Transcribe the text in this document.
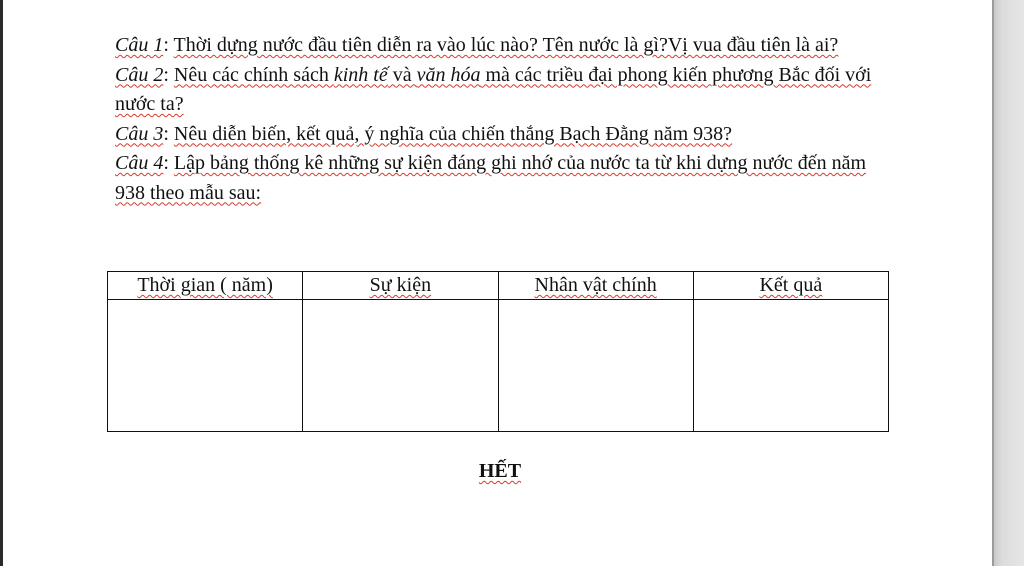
Câu 1: Thời dựng nước đầu tiên diễn ra vào lúc nào? Tên nước là gì?Vị vua đầu tiên là ai?

Câu 2: Nêu các chính sách kinh tế và văn hóa mà các triều đại phong kiến phương Bắc đối với nước ta?

Câu 3: Nêu diễn biến, kết quả, ý nghĩa của chiến thắng Bạch Đằng năm 938?

Câu 4: Lập bảng thống kê những sự kiện đáng ghi nhớ của nước ta từ khi dựng nước đến năm 938 theo mẫu sau:

Thời gian ( năm)	Sự kiện	Nhân vật chính	Kết quả

HẾT
